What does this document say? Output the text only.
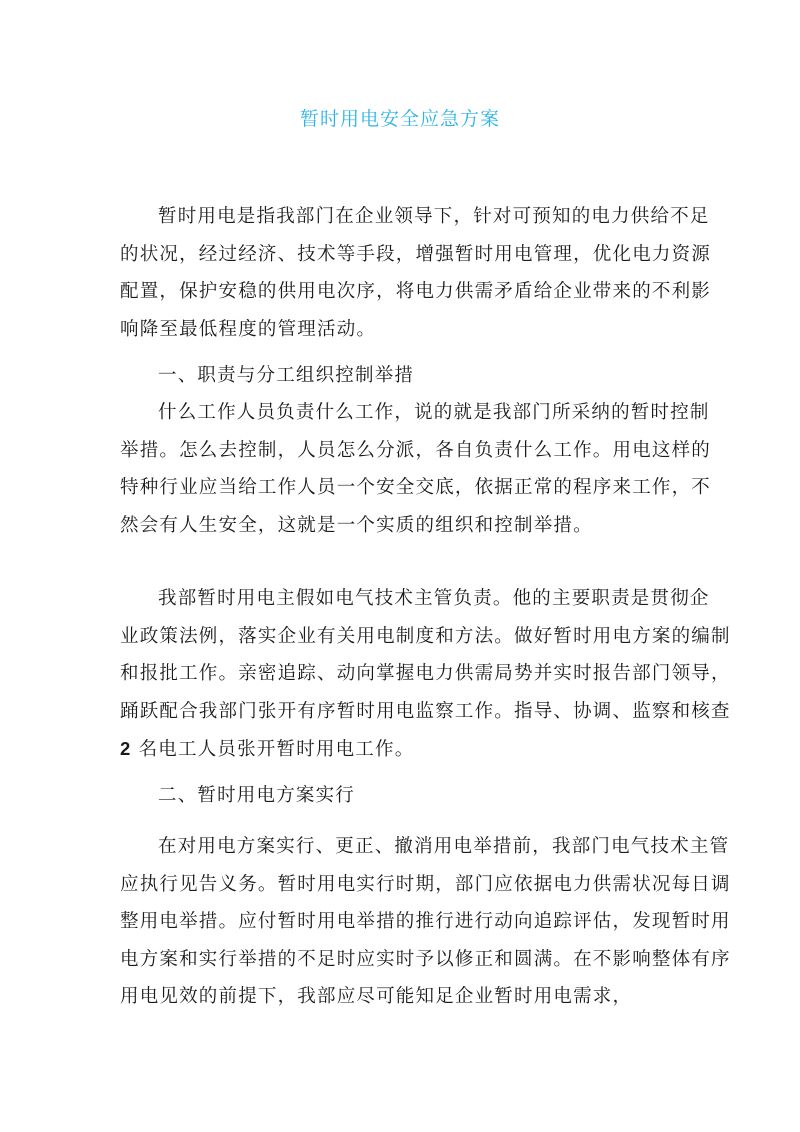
暂时用电安全应急方案

暂时用电是指我部门在企业领导下，针对可预知的电力供给不足
的状况，经过经济、技术等手段，增强暂时用电管理，优化电力资源
配置，保护安稳的供用电次序，将电力供需矛盾给企业带来的不利影
响降至最低程度的管理活动。

一、职责与分工组织控制举措

什么工作人员负责什么工作，说的就是我部门所采纳的暂时控制
举措。怎么去控制，人员怎么分派，各自负责什么工作。用电这样的
特种行业应当给工作人员一个安全交底，依据正常的程序来工作，不
然会有人生安全，这就是一个实质的组织和控制举措。

我部暂时用电主假如电气技术主管负责。他的主要职责是贯彻企
业政策法例，落实企业有关用电制度和方法。做好暂时用电方案的编制
和报批工作。亲密追踪、动向掌握电力供需局势并实时报告部门领导，
踊跃配合我部门张开有序暂时用电监察工作。指导、协调、监察和核查
2 名电工人员张开暂时用电工作。

二、暂时用电方案实行

在对用电方案实行、更正、撤消用电举措前，我部门电气技术主管
应执行见告义务。暂时用电实行时期，部门应依据电力供需状况每日调
整用电举措。应付暂时用电举措的推行进行动向追踪评估，发现暂时用
电方案和实行举措的不足时应实时予以修正和圆满。在不影响整体有序
用电见效的前提下，我部应尽可能知足企业暂时用电需求，
